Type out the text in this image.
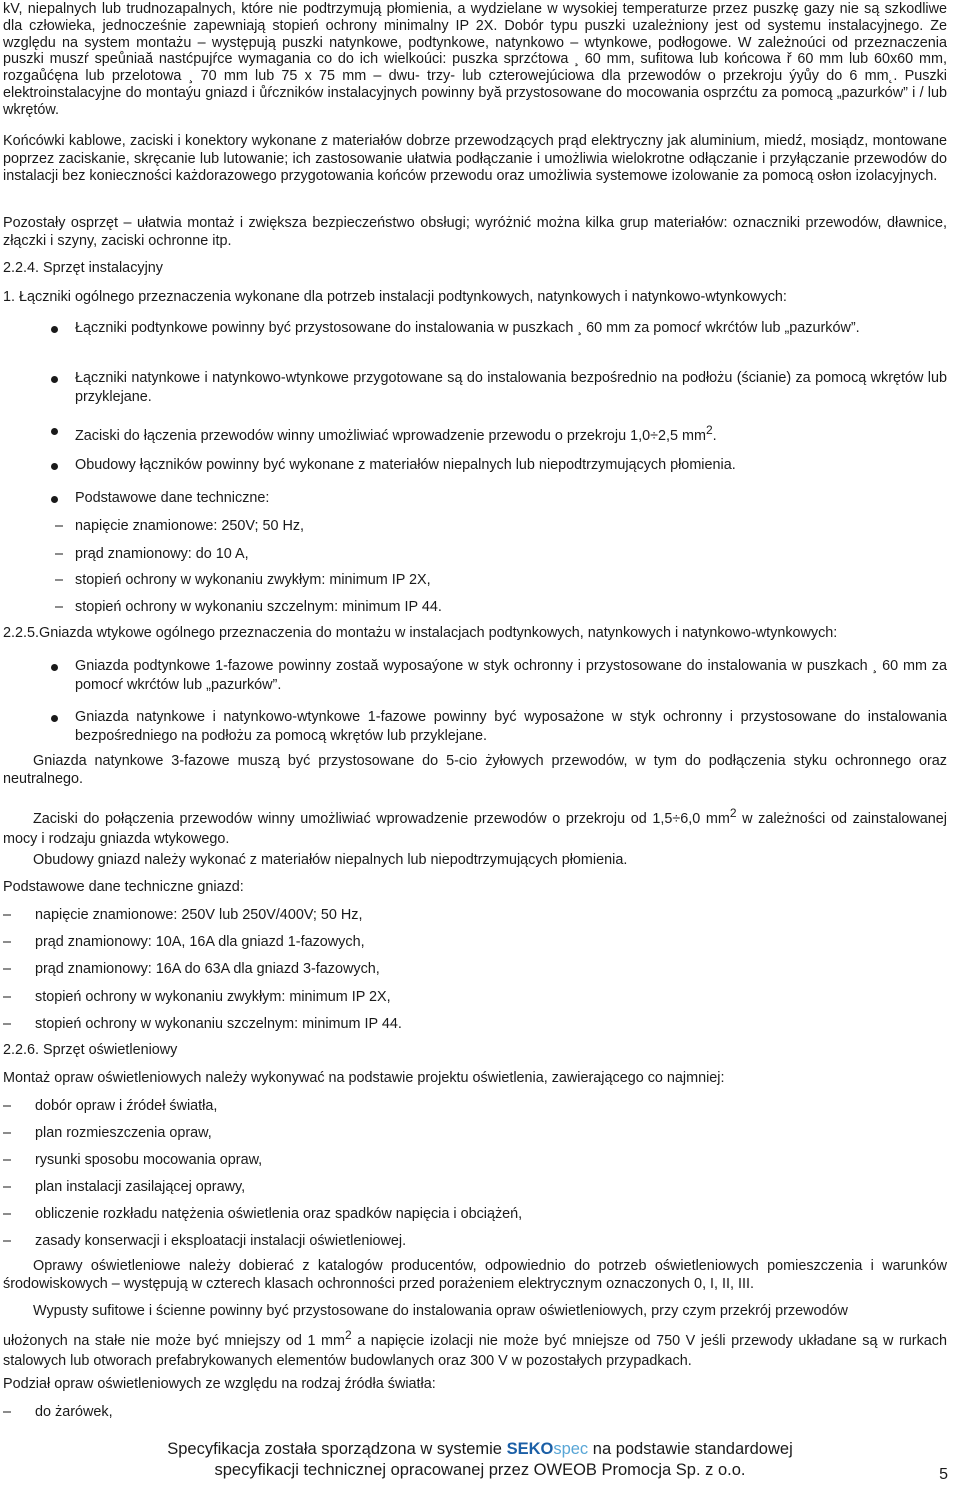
kV, niepalnych lub trudnozapalnych, które nie podtrzymują płomienia, a wydzielane w wysokiej temperaturze przez puszkę gazy nie są szkodliwe dla człowieka, jednocześnie zapewniają stopień ochrony minimalny IP 2X. Dobór typu puszki uzależniony jest od systemu instalacyjnego. Ze względu na system montażu – występują puszki natynkowe, podtynkowe, natynkowo – wtynkowe, podłogowe. W zależnoúci od przeznaczenia puszki muszŕ speůniaă nastćpujŕce wymagania co do ich wielkoúci: puszka sprzćtowa ¸ 60 mm, sufitowa lub końcowa ř 60 mm lub 60x60 mm, rozgaůćęna lub przelotowa ¸ 70 mm lub 75 x 75 mm – dwu- trzy- lub czterowejúciowa dla przewodów o przekroju ýyůy do 6 mm˛. Puszki elektroinstalacyjne do montaýu gniazd i ůŕczników instalacyjnych powinny byă przystosowane do mocowania osprzćtu za pomocą „pazurków” i / lub wkrętów.
Końcówki kablowe, zaciski i konektory wykonane z materiałów dobrze przewodzących prąd elektryczny jak aluminium, miedź, mosiądz, montowane poprzez zaciskanie, skręcanie lub lutowanie; ich zastosowanie ułatwia podłączanie i umożliwia wielokrotne odłączanie i przyłączanie przewodów do instalacji bez konieczności każdorazowego przygotowania końców przewodu oraz umożliwia systemowe izolowanie za pomocą osłon izolacyjnych.
Pozostały osprzęt – ułatwia montaż i zwiększa bezpieczeństwo obsługi; wyróżnić można kilka grup materiałów: oznaczniki przewodów, dławnice, złączki i szyny, zaciski ochronne itp.
2.2.4. Sprzęt instalacyjny
1. Łączniki ogólnego przeznaczenia wykonane dla potrzeb instalacji podtynkowych, natynkowych i natynkowo-wtynkowych:
Łączniki podtynkowe powinny być przystosowane do instalowania w puszkach ¸ 60 mm za pomocŕ wkrćtów lub „pazurków”.
Łączniki natynkowe i natynkowo-wtynkowe przygotowane są do instalowania bezpośrednio na podłożu (ścianie) za pomocą wkrętów lub przyklejane.
Zaciski do łączenia przewodów winny umożliwiać wprowadzenie przewodu o przekroju 1,0÷2,5 $mm^2$.
Obudowy łączników powinny być wykonane z materiałów niepalnych lub niepodtrzymujących płomienia.
Podstawowe dane techniczne:
– napięcie znamionowe: 250V; 50 Hz,
– prąd znamionowy: do 10 A,
– stopień ochrony w wykonaniu zwykłym: minimum IP 2X,
– stopień ochrony w wykonaniu szczelnym: minimum IP 44.
2.2.5.Gniazda wtykowe ogólnego przeznaczenia do montażu w instalacjach podtynkowych, natynkowych i natynkowo-wtynkowych:
Gniazda podtynkowe 1-fazowe powinny zostaă wyposaýone w styk ochronny i przystosowane do instalowania w puszkach ¸ 60 mm za pomocŕ wkrćtów lub „pazurków”.
Gniazda natynkowe i natynkowo-wtynkowe 1-fazowe powinny być wyposażone w styk ochronny i przystosowane do instalowania bezpośredniego na podłożu za pomocą wkrętów lub przyklejane.
Gniazda natynkowe 3-fazowe muszą być przystosowane do 5-cio żyłowych przewodów, w tym do podłączenia styku ochronnego oraz neutralnego.
Zaciski do połączenia przewodów winny umożliwiać wprowadzenie przewodów o przekroju od 1,5÷6,0 $mm^2$ w zależności od zainstalowanej mocy i rodzaju gniazda wtykowego.
Obudowy gniazd należy wykonać z materiałów niepalnych lub niepodtrzymujących płomienia.
Podstawowe dane techniczne gniazd:
– napięcie znamionowe: 250V lub 250V/400V; 50 Hz,
– prąd znamionowy: 10A, 16A dla gniazd 1-fazowych,
– prąd znamionowy: 16A do 63A dla gniazd 3-fazowych,
– stopień ochrony w wykonaniu zwykłym: minimum IP 2X,
– stopień ochrony w wykonaniu szczelnym: minimum IP 44.
2.2.6. Sprzęt oświetleniowy
Montaż opraw oświetleniowych należy wykonywać na podstawie projektu oświetlenia, zawierającego co najmniej:
– dobór opraw i źródeł światła,
– plan rozmieszczenia opraw,
– rysunki sposobu mocowania opraw,
– plan instalacji zasilającej oprawy,
– obliczenie rozkładu natężenia oświetlenia oraz spadków napięcia i obciążeń,
– zasady konserwacji i eksploatacji instalacji oświetleniowej.
Oprawy oświetleniowe należy dobierać z katalogów producentów, odpowiednio do potrzeb oświetleniowych pomieszczenia i warunków środowiskowych – występują w czterech klasach ochronności przed porażeniem elektrycznym oznaczonych 0, I, II, III.
Wypusty sufitowe i ścienne powinny być przystosowane do instalowania opraw oświetleniowych, przy czym przekrój przewodów
ułożonych na stałe nie może być mniejszy od 1 $mm^2$ a napięcie izolacji nie może być mniejsze od 750 V jeśli przewody układane są w rurkach stalowych lub otworach prefabrykowanych elementów budowlanych oraz 300 V w pozostałych przypadkach.
Podział opraw oświetleniowych ze względu na rodzaj źródła światła:
– do żarówek,
Specyfikacja została sporządzona w systemie SEKOspec na podstawie standardowej
specyfikacji technicznej opracowanej przez OWEOB Promocja Sp. z o.o.	5
